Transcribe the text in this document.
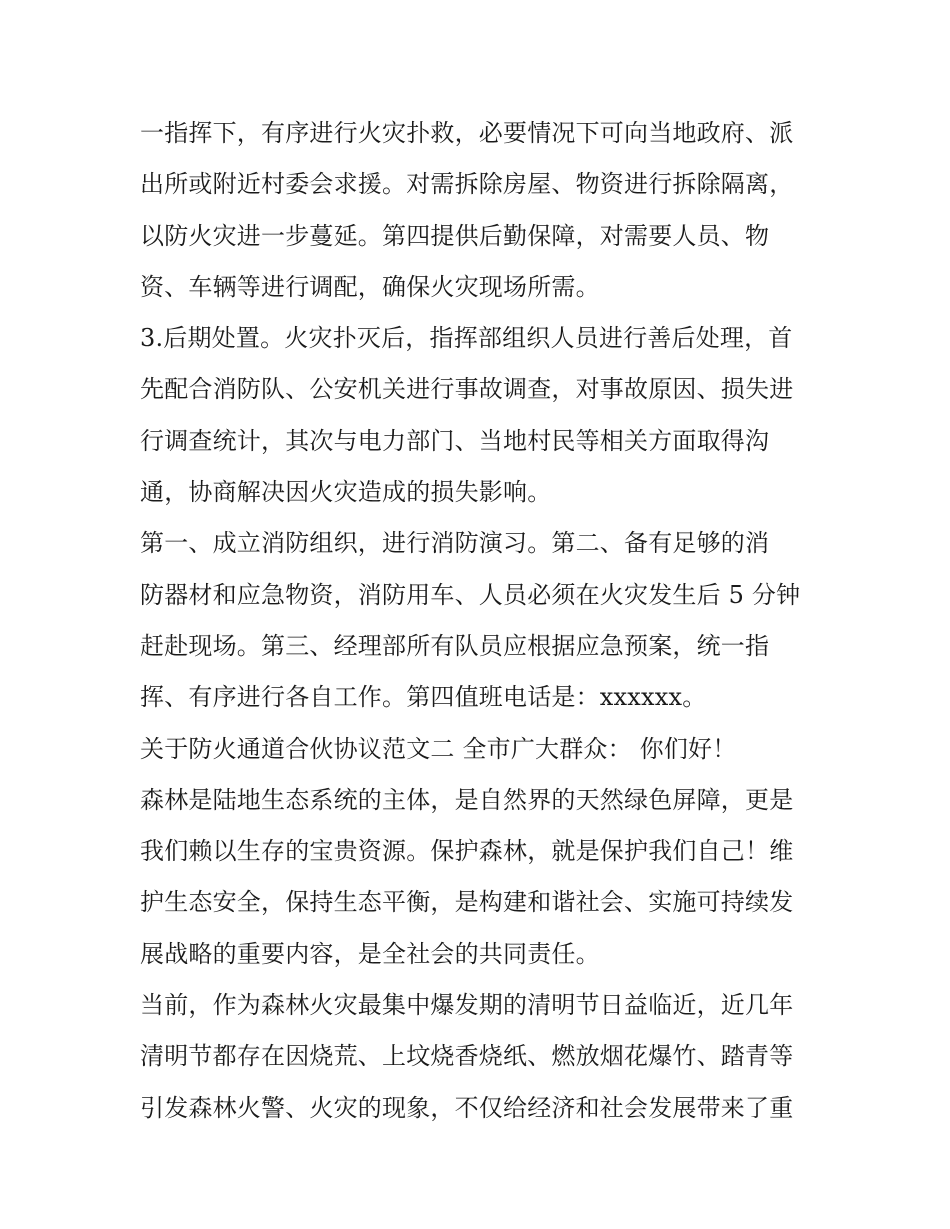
一指挥下，有序进行火灾扑救，必要情况下可向当地政府、派
出所或附近村委会求援。对需拆除房屋、物资进行拆除隔离，
以防火灾进一步蔓延。第四提供后勤保障，对需要人员、物
资、车辆等进行调配，确保火灾现场所需。
3.后期处置。火灾扑灭后，指挥部组织人员进行善后处理，首
先配合消防队、公安机关进行事故调查，对事故原因、损失进
行调查统计，其次与电力部门、当地村民等相关方面取得沟
通，协商解决因火灾造成的损失影响。
第一、成立消防组织，进行消防演习。第二、备有足够的消
防器材和应急物资，消防用车、人员必须在火灾发生后 5 分钟
赶赴现场。第三、经理部所有队员应根据应急预案，统一指
挥、有序进行各自工作。第四值班电话是：xxxxxx。
关于防火通道合伙协议范文二 全市广大群众： 你们好！
森林是陆地生态系统的主体，是自然界的天然绿色屏障，更是
我们赖以生存的宝贵资源。保护森林，就是保护我们自己！维
护生态安全，保持生态平衡，是构建和谐社会、实施可持续发
展战略的重要内容，是全社会的共同责任。
当前，作为森林火灾最集中爆发期的清明节日益临近，近几年
清明节都存在因烧荒、上坟烧香烧纸、燃放烟花爆竹、踏青等
引发森林火警、火灾的现象，不仅给经济和社会发展带来了重
